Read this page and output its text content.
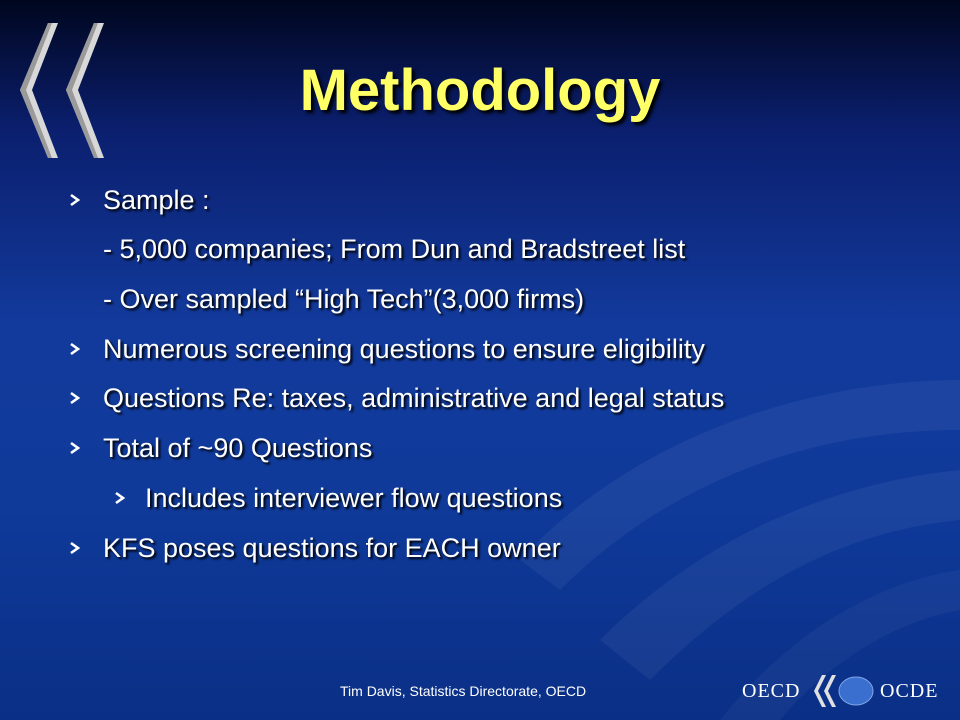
Methodology
Sample :
- 5,000 companies; From Dun and Bradstreet list
- Over sampled “High Tech”(3,000 firms)
Numerous screening questions to ensure eligibility
Questions Re: taxes, administrative and legal status
Total of ~90 Questions
Includes interviewer flow questions
KFS poses questions for EACH owner
Tim Davis, Statistics Directorate, OECD	OECD	OCDE
